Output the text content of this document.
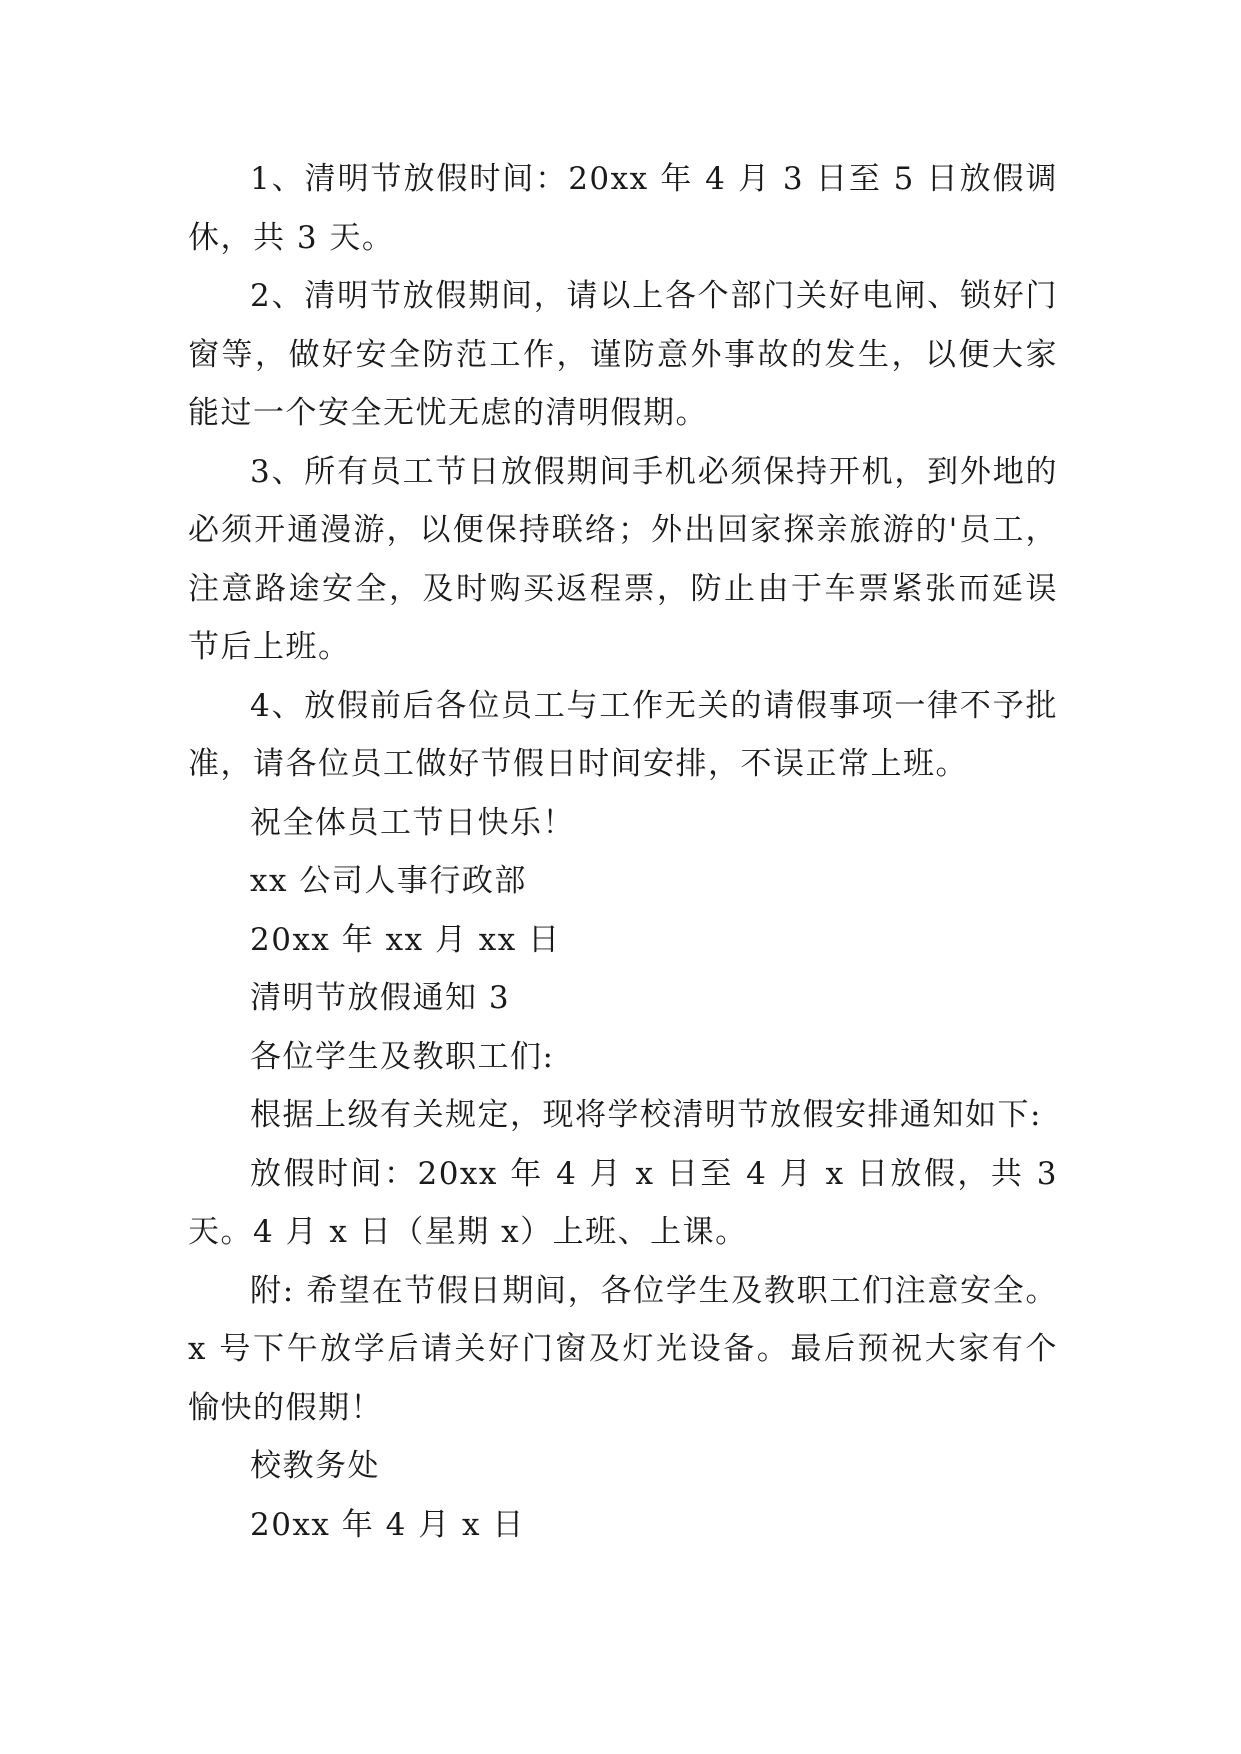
1、清明节放假时间：20xx 年 4 月 3 日至 5 日放假调休，共 3 天。

2、清明节放假期间，请以上各个部门关好电闸、锁好门窗等，做好安全防范工作，谨防意外事故的发生，以便大家能过一个安全无忧无虑的清明假期。

3、所有员工节日放假期间手机必须保持开机，到外地的必须开通漫游，以便保持联络；外出回家探亲旅游的'员工，注意路途安全，及时购买返程票，防止由于车票紧张而延误节后上班。

4、放假前后各位员工与工作无关的请假事项一律不予批准，请各位员工做好节假日时间安排，不误正常上班。

祝全体员工节日快乐！

xx 公司人事行政部

20xx 年 xx 月 xx 日

清明节放假通知 3

各位学生及教职工们:

根据上级有关规定，现将学校清明节放假安排通知如下:

放假时间：20xx 年 4 月 x 日至 4 月 x 日放假，共 3 天。4 月 x 日（星期 x）上班、上课。

附: 希望在节假日期间，各位学生及教职工们注意安全。x 号下午放学后请关好门窗及灯光设备。最后预祝大家有个愉快的假期！

校教务处

20xx 年 4 月 x 日
